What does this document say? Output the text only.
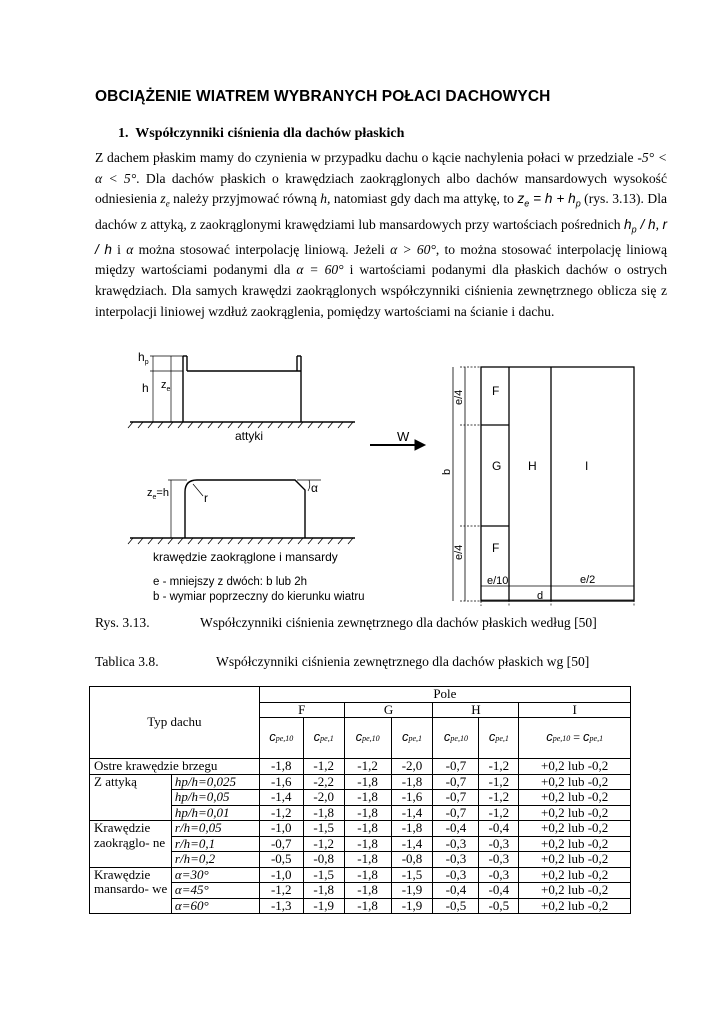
OBCIĄŻENIE WIATREM WYBRANYCH POŁACI DACHOWYCH
1. Współczynniki ciśnienia dla dachów płaskich
Z dachem płaskim mamy do czynienia w przypadku dachu o kącie nachylenia połaci w przedziale -5° < α < 5°. Dla dachów płaskich o krawędziach zaokrąglonych albo dachów mansardowych wysokość odniesienia $z_e$ należy przyjmować równą h, natomiast gdy dach ma attykę, to $z_e = h + h_p$ (rys. 3.13). Dla dachów z attyką, z zaokrąglonymi krawędziami lub mansardowych przy wartościach pośrednich $h_p$ / h, r / h i α można stosować interpolację liniową. Jeżeli α > 60°, to można stosować interpolację liniową między wartościami podanymi dla α = 60° i wartościami podanymi dla płaskich dachów o ostrych krawędziach. Dla samych krawędzi zaokrąglonych współczynniki ciśnienia zewnętrznego oblicza się z interpolacji liniowej wzdłuż zaokrąglenia, pomiędzy wartościami na ścianie i dachu.
$h_p$
h $z_e$
attyki
$z_e=h$	r
α
krawędzie zaokrąglone i mansardy
e - mniejszy z dwóch: b lub 2h
b - wymiar poprzeczny do kierunku wiatru
W
F
G
F
H	I
e/4
b
e/4
e/10	e/2
d
Rys. 3.13.	Współczynniki ciśnienia zewnętrznego dla dachów płaskich według [50]
Tablica 3.8.	Współczynniki ciśnienia zewnętrznego dla dachów płaskich wg [50]
Typ dachu		Pole						
		F		G		H		I
		cpe,10	cpe,1	cpe,10	cpe,1	cpe,10	cpe,1	cpe,10 = cpe,1
Ostre krawędzie brzegu		-1,8	-1,2	-1,2	-2,0	-0,7	-1,2	+0,2 lub -0,2
Z attyką	hp/h=0,025	-1,6	-2,2	-1,8	-1,8	-0,7	-1,2	+0,2 lub -0,2
	hp/h=0,05	-1,4	-2,0	-1,8	-1,6	-0,7	-1,2	+0,2 lub -0,2
	hp/h=0,01	-1,2	-1,8	-1,8	-1,4	-0,7	-1,2	+0,2 lub -0,2
Krawędzie zaokrąglo- ne	r/h=0,05	-1,0	-1,5	-1,8	-1,8	-0,4	-0,4	+0,2 lub -0,2
	r/h=0,1	-0,7	-1,2	-1,8	-1,4	-0,3	-0,3	+0,2 lub -0,2
	r/h=0,2	-0,5	-0,8	-1,8	-0,8	-0,3	-0,3	+0,2 lub -0,2
Krawędzie mansardo- we	α=30°	-1,0	-1,5	-1,8	-1,5	-0,3	-0,3	+0,2 lub -0,2
	α=45°	-1,2	-1,8	-1,8	-1,9	-0,4	-0,4	+0,2 lub -0,2
	α=60°	-1,3	-1,9	-1,8	-1,9	-0,5	-0,5	+0,2 lub -0,2
